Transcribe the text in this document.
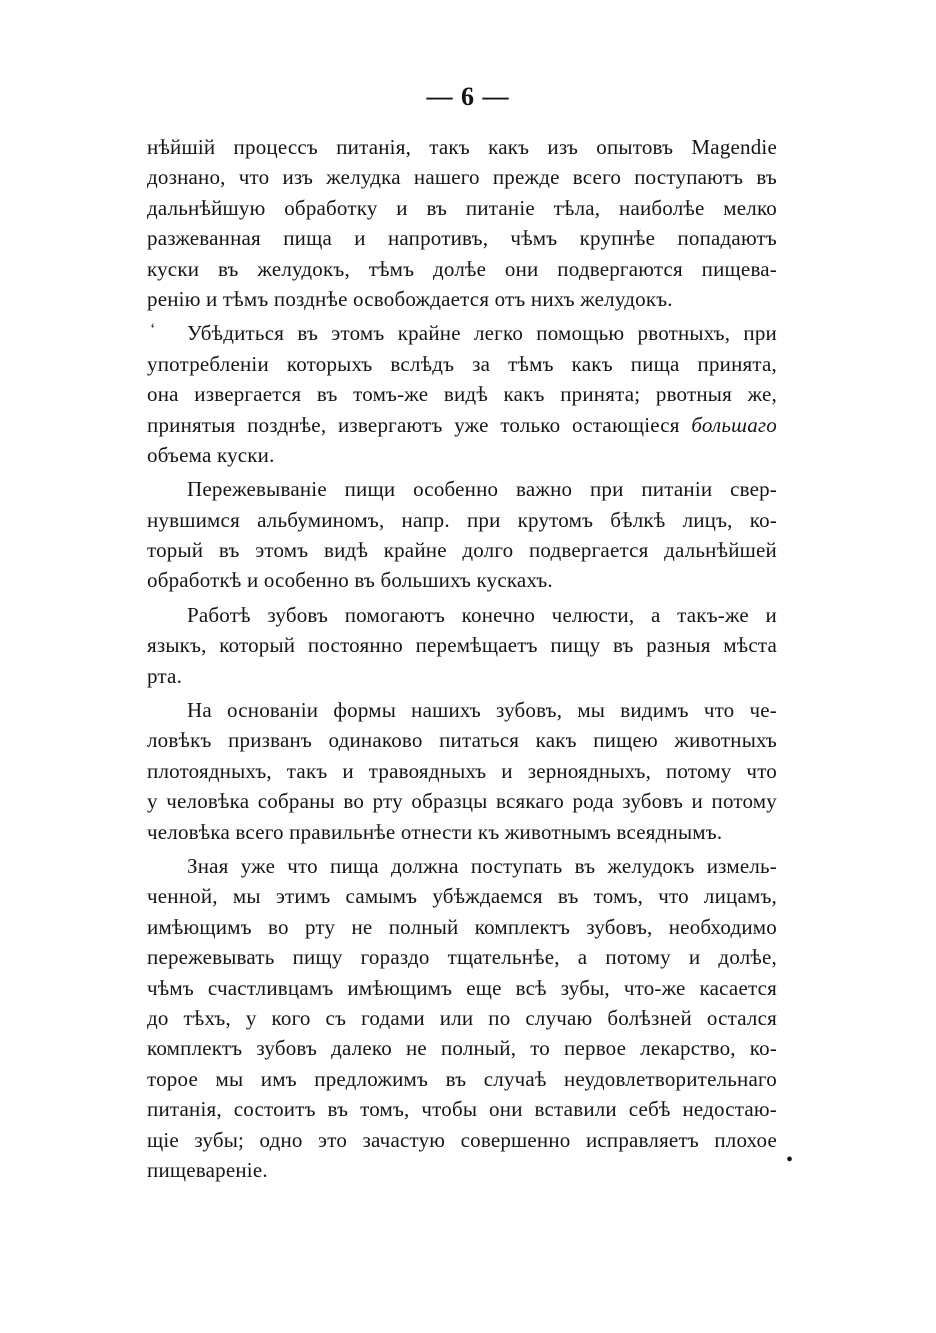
— 6 —
‘
нѣйшій процессъ питанія, такъ какъ изъ опытовъ Magendie
дознано, что изъ желудка нашего прежде всего поступаютъ въ
дальнѣйшую обработку и въ питаніе тѣла, наиболѣе мелко
разжеванная пища и напротивъ, чѣмъ крупнѣе попадаютъ
куски въ желудокъ, тѣмъ долѣе они подвергаются пищева-
ренію и тѣмъ позднѣе освобождается отъ нихъ желудокъ.
Убѣдиться въ этомъ крайне легко помощью рвотныхъ, при
употребленіи которыхъ вслѣдъ за тѣмъ какъ пища принята,
она извергается въ томъ-же видѣ какъ принята; рвотныя же,
принятыя позднѣе, извергаютъ уже только остающіеся большаго
объема куски.
Пережевываніе пищи особенно важно при питаніи свер-
нувшимся альбуминомъ, напр. при крутомъ бѣлкѣ лицъ, ко-
торый въ этомъ видѣ крайне долго подвергается дальнѣйшей
обработкѣ и особенно въ большихъ кускахъ.
Работѣ зубовъ помогаютъ конечно челюсти, а такъ-же и
языкъ, который постоянно перемѣщаетъ пищу въ разныя мѣста
рта.
На основаніи формы нашихъ зубовъ, мы видимъ что че-
ловѣкъ призванъ одинаково питаться какъ пищею животныхъ
плотоядныхъ, такъ и травоядныхъ и зерноядныхъ, потому что
у человѣка собраны во рту образцы всякаго рода зубовъ и потому
человѣка всего правильнѣе отнести къ животнымъ всеяднымъ.
Зная уже что пища должна поступать въ желудокъ измель-
ченной, мы этимъ самымъ убѣждаемся въ томъ, что лицамъ,
имѣющимъ во рту не полный комплектъ зубовъ, необходимо
пережевывать пищу гораздо тщательнѣе, а потому и долѣе,
чѣмъ счастливцамъ имѣющимъ еще всѣ зубы, что-же касается
до тѣхъ, у кого съ годами или по случаю болѣзней остался
комплектъ зубовъ далеко не полный, то первое лекарство, ко-
торое мы имъ предложимъ въ случаѣ неудовлетворительнаго
питанія, состоитъ въ томъ, чтобы они вставили себѣ недостаю-
щіе зубы; одно это зачастую совершенно исправляетъ плохое
пищевареніе.	•
